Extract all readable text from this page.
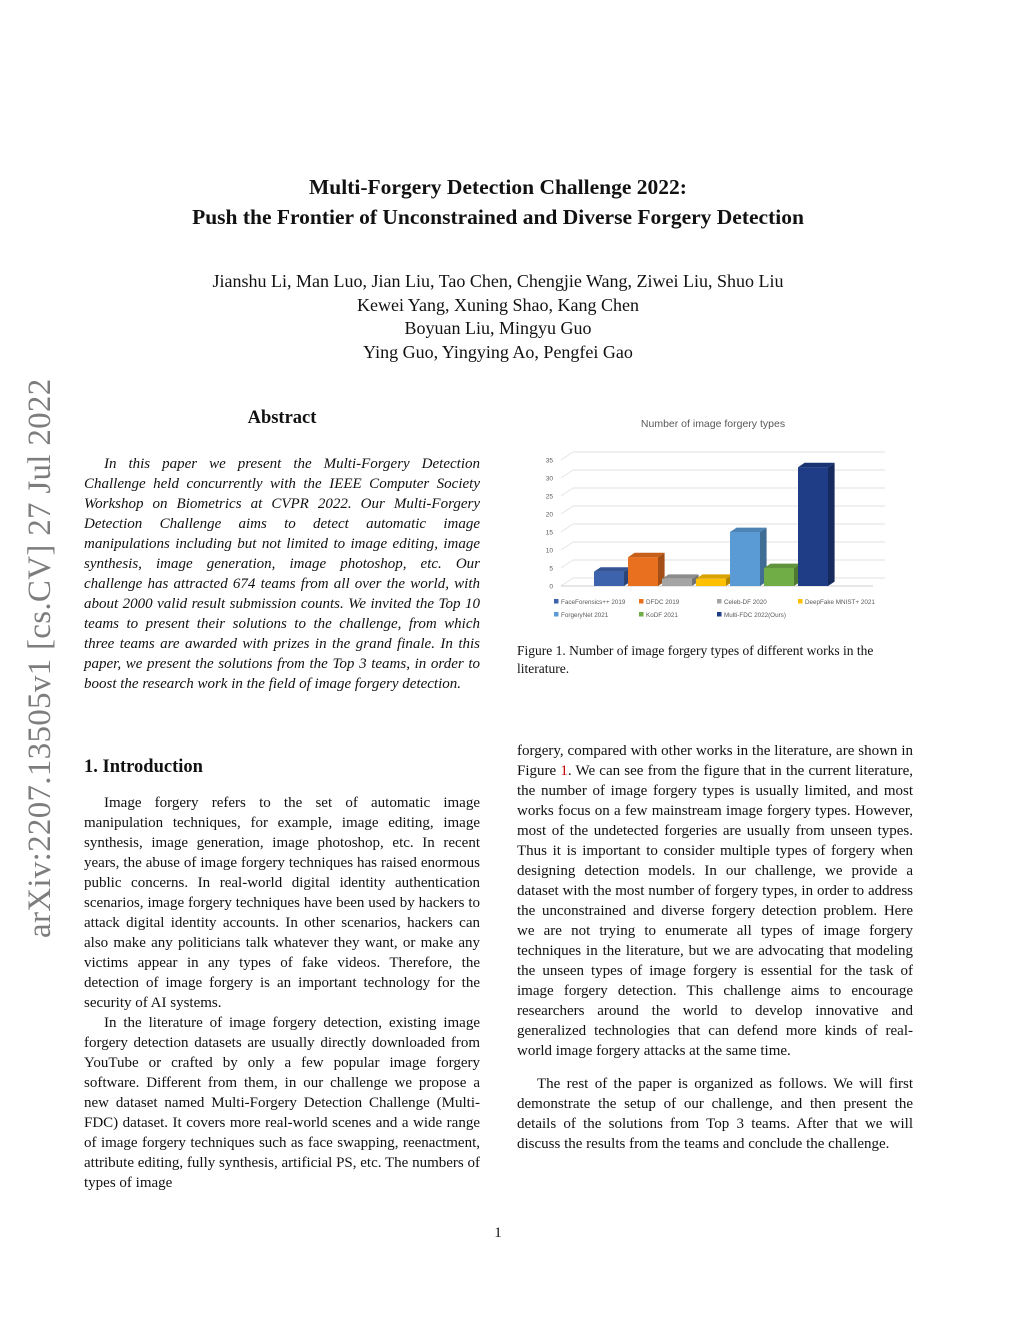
arXiv:2207.13505v1 [cs.CV] 27 Jul 2022
Multi-Forgery Detection Challenge 2022:
Push the Frontier of Unconstrained and Diverse Forgery Detection
Jianshu Li, Man Luo, Jian Liu, Tao Chen, Chengjie Wang, Ziwei Liu, Shuo Liu
Kewei Yang, Xuning Shao, Kang Chen
Boyuan Liu, Mingyu Guo
Ying Guo, Yingying Ao, Pengfei Gao
Abstract

In this paper we present the Multi-Forgery Detection Challenge held concurrently with the IEEE Computer Society Workshop on Biometrics at CVPR 2022. Our Multi-Forgery Detection Challenge aims to detect automatic image manipulations including but not limited to image editing, image synthesis, image generation, image photoshop, etc. Our challenge has attracted 674 teams from all over the world, with about 2000 valid result submission counts. We invited the Top 10 teams to present their solutions to the challenge, from which three teams are awarded with prizes in the grand finale. In this paper, we present the solutions from the Top 3 teams, in order to boost the research work in the field of image forgery detection.

1. Introduction

Image forgery refers to the set of automatic image manipulation techniques, for example, image editing, image synthesis, image generation, image photoshop, etc. In recent years, the abuse of image forgery techniques has raised enormous public concerns. In real-world digital identity authentication scenarios, image forgery techniques have been used by hackers to attack digital identity accounts. In other scenarios, hackers can also make any politicians talk whatever they want, or make any victims appear in any types of fake videos. Therefore, the detection of image forgery is an important technology for the security of AI systems.

In the literature of image forgery detection, existing image forgery detection datasets are usually directly downloaded from YouTube or crafted by only a few popular image forgery software. Different from them, in our challenge we propose a new dataset named Multi-Forgery Detection Challenge (Multi-FDC) dataset. It covers more real-world scenes and a wide range of image forgery techniques such as face swapping, reenactment, attribute editing, fully synthesis, artificial PS, etc. The numbers of types of image

Number of image forgery types
0
5
10
15
20
25
30
35
FaceForensics++ 2019	DFDC 2019	Celeb-DF 2020	DeepFake MNIST+ 2021
ForgeryNet 2021	KoDF 2021	Multi-FDC 2022(Ours)
Figure 1. Number of image forgery types of different works in the literature.

forgery, compared with other works in the literature, are shown in Figure 1. We can see from the figure that in the current literature, the number of image forgery types is usually limited, and most works focus on a few mainstream image forgery types. However, most of the undetected forgeries are usually from unseen types. Thus it is important to consider multiple types of forgery when designing detection models. In our challenge, we provide a dataset with the most number of forgery types, in order to address the unconstrained and diverse forgery detection problem. Here we are not trying to enumerate all types of image forgery techniques in the literature, but we are advocating that modeling the unseen types of image forgery is essential for the task of image forgery detection. This challenge aims to encourage researchers around the world to develop innovative and generalized technologies that can defend more kinds of real-world image forgery attacks at the same time.

The rest of the paper is organized as follows. We will first demonstrate the setup of our challenge, and then present the details of the solutions from Top 3 teams. After that we will discuss the results from the teams and conclude the challenge.

1
